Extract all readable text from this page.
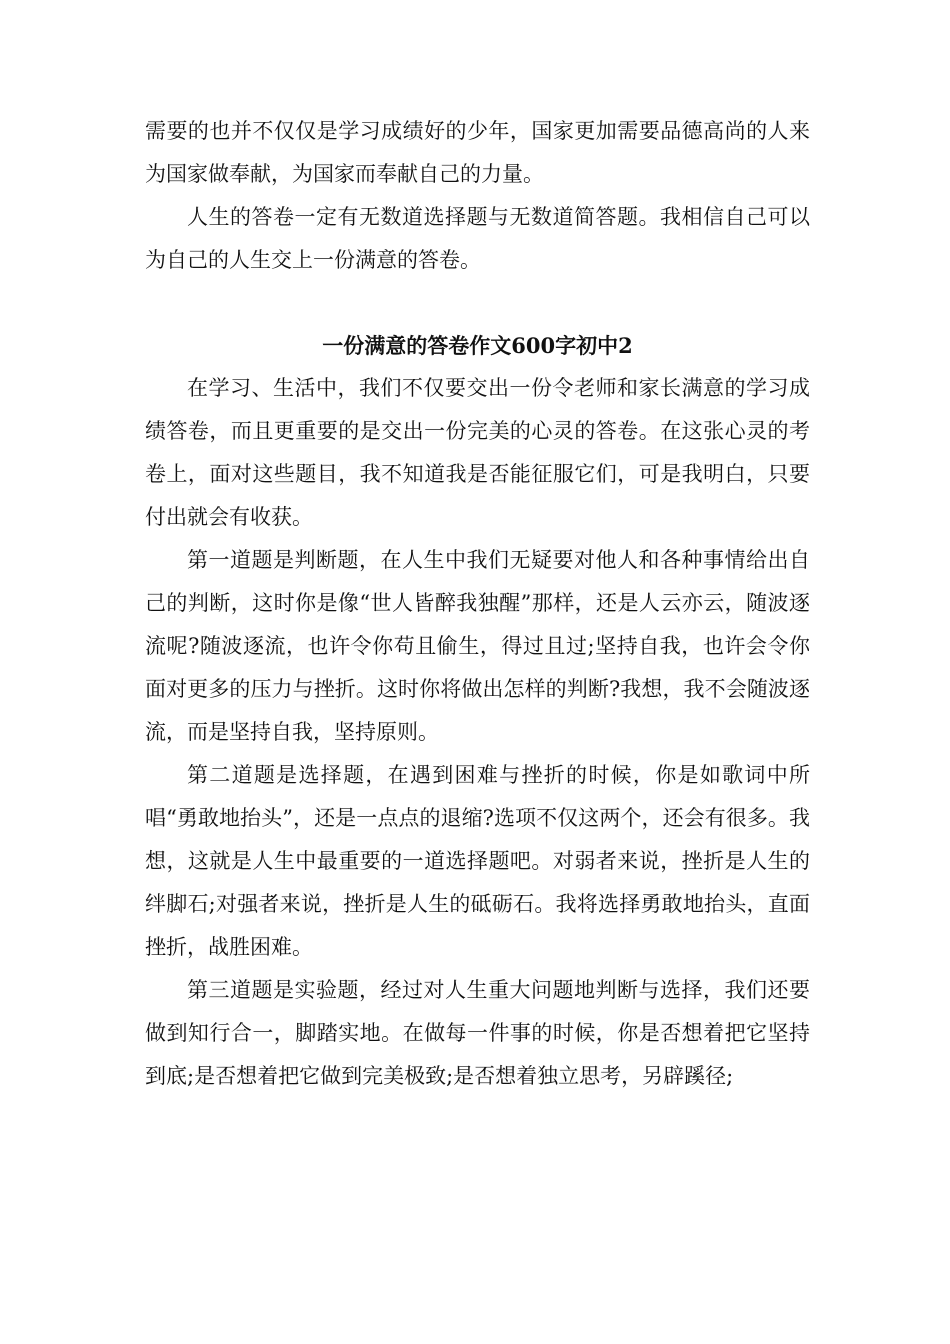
需要的也并不仅仅是学习成绩好的少年，国家更加需要品德高尚的人来为国家做奉献，为国家而奉献自己的力量。

人生的答卷一定有无数道选择题与无数道简答题。我相信自己可以为自己的人生交上一份满意的答卷。

一份满意的答卷作文600字初中2

在学习、生活中，我们不仅要交出一份令老师和家长满意的学习成绩答卷，而且更重要的是交出一份完美的心灵的答卷。在这张心灵的考卷上，面对这些题目，我不知道我是否能征服它们，可是我明白，只要付出就会有收获。

第一道题是判断题，在人生中我们无疑要对他人和各种事情给出自己的判断，这时你是像“世人皆醉我独醒”那样，还是人云亦云，随波逐流呢?随波逐流，也许令你苟且偷生，得过且过;坚持自我，也许会令你面对更多的压力与挫折。这时你将做出怎样的判断?我想，我不会随波逐流，而是坚持自我，坚持原则。

第二道题是选择题，在遇到困难与挫折的时候，你是如歌词中所唱“勇敢地抬头”，还是一点点的退缩?选项不仅这两个，还会有很多。我想，这就是人生中最重要的一道选择题吧。对弱者来说，挫折是人生的绊脚石;对强者来说，挫折是人生的砥砺石。我将选择勇敢地抬头，直面挫折，战胜困难。

第三道题是实验题，经过对人生重大问题地判断与选择，我们还要做到知行合一，脚踏实地。在做每一件事的时候，你是否想着把它坚持到底;是否想着把它做到完美极致;是否想着独立思考，另辟蹊径;
